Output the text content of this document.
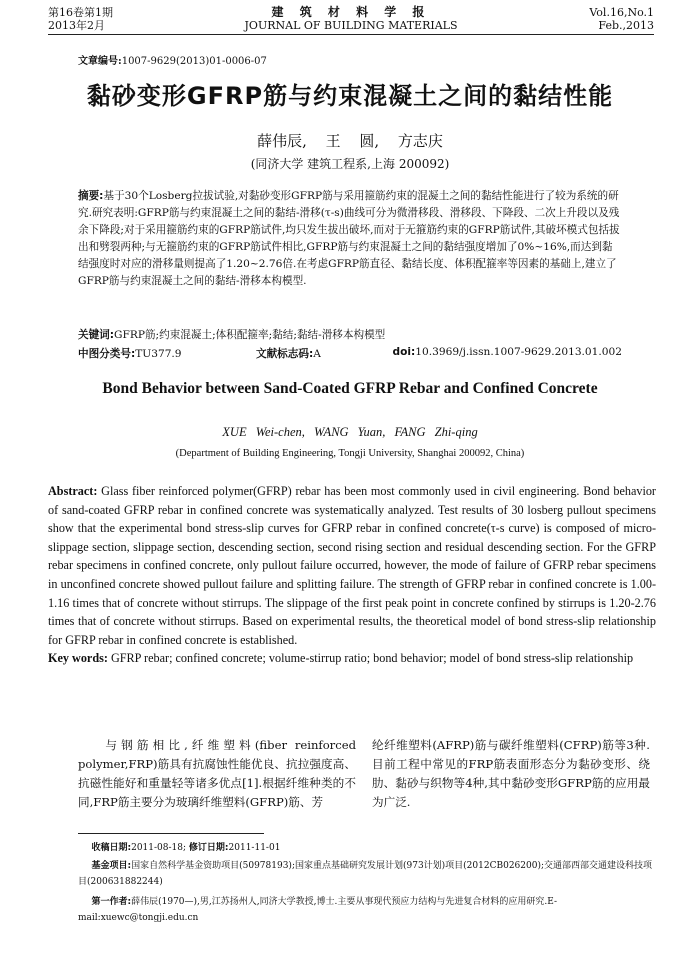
第16卷第1期
2013年2月
建 筑 材 料 学 报
JOURNAL OF BUILDING MATERIALS
Vol.16,No.1
Feb.,2013
文章编号:1007-9629(2013)01-0006-07
黏砂变形GFRP筋与约束混凝土之间的黏结性能
薛伟辰, 王 圆, 方志庆
(同济大学 建筑工程系,上海 200092)
摘要:基于30个Losberg拉拔试验,对黏砂变形GFRP筋与采用箍筋约束的混凝土之间的黏结性能进行了较为系统的研究.研究表明:GFRP筋与约束混凝土之间的黏结-滑移(τ-s)曲线可分为微滑移段、滑移段、下降段、二次上升段以及残余下降段;对于采用箍筋约束的GFRP筋试件,均只发生拔出破坏,而对于无箍筋约束的GFRP筋试件,其破坏模式包括拔出和劈裂两种;与无箍筋约束的GFRP筋试件相比,GFRP筋与约束混凝土之间的黏结强度增加了0%~16%,而达到黏结强度时对应的滑移量则提高了1.20~2.76倍.在考虑GFRP筋直径、黏结长度、体积配箍率等因素的基础上,建立了GFRP筋与约束混凝土之间的黏结-滑移本构模型.
关键词:GFRP筋;约束混凝土;体积配箍率;黏结;黏结-滑移本构模型
中图分类号:TU377.9	文献标志码:A	doi:10.3969/j.issn.1007-9629.2013.01.002
Bond Behavior between Sand-Coated GFRP Rebar and Confined Concrete
XUE Wei-chen, WANG Yuan, FANG Zhi-qing
(Department of Building Engineering, Tongji University, Shanghai 200092, China)
Abstract: Glass fiber reinforced polymer(GFRP) rebar has been most commonly used in civil engineering. Bond behavior of sand-coated GFRP rebar in confined concrete was systematically analyzed. Test results of 30 losberg pullout specimens show that the experimental bond stress-slip curves for GFRP rebar in confined concrete(τ-s curve) is composed of micro-slippage section, slippage section, descending section, second rising section and residual descending section. For the GFRP rebar specimens in confined concrete, only pullout failure occurred, however, the mode of failure of GFRP rebar specimens in unconfined concrete showed pullout failure and splitting failure. The strength of GFRP rebar in confined concrete is 1.00-1.16 times that of concrete without stirrups. The slippage of the first peak point in concrete confined by stirrups is 1.20-2.76 times that of concrete without stirrups. Based on experimental results, the theoretical model of bond stress-slip relationship for GFRP rebar in confined concrete is established.
Key words: GFRP rebar; confined concrete; volume-stirrup ratio; bond behavior; model of bond stress-slip relationship
与钢筋相比,纤维塑料(fiber reinforced polymer,FRP)筋具有抗腐蚀性能优良、抗拉强度高、抗磁性能好和重量轻等诸多优点[1].根据纤维种类的不同,FRP筋主要分为玻璃纤维塑料(GFRP)筋、芳
纶纤维塑料(AFRP)筋与碳纤维塑料(CFRP)筋等3种.目前工程中常见的FRP筋表面形态分为黏砂变形、绕肋、黏砂与织物等4种,其中黏砂变形GFRP筋的应用最为广泛.
收稿日期:2011-08-18; 修订日期:2011-11-01
基金项目:国家自然科学基金资助项目(50978193);国家重点基础研究发展计划(973计划)项目(2012CB026200);交通部西部交通建设科技项目(200631882244)
第一作者:薛伟辰(1970—),男,江苏扬州人,同济大学教授,博士.主要从事现代预应力结构与先进复合材料的应用研究.E-mail:xuewc@tongji.edu.cn
